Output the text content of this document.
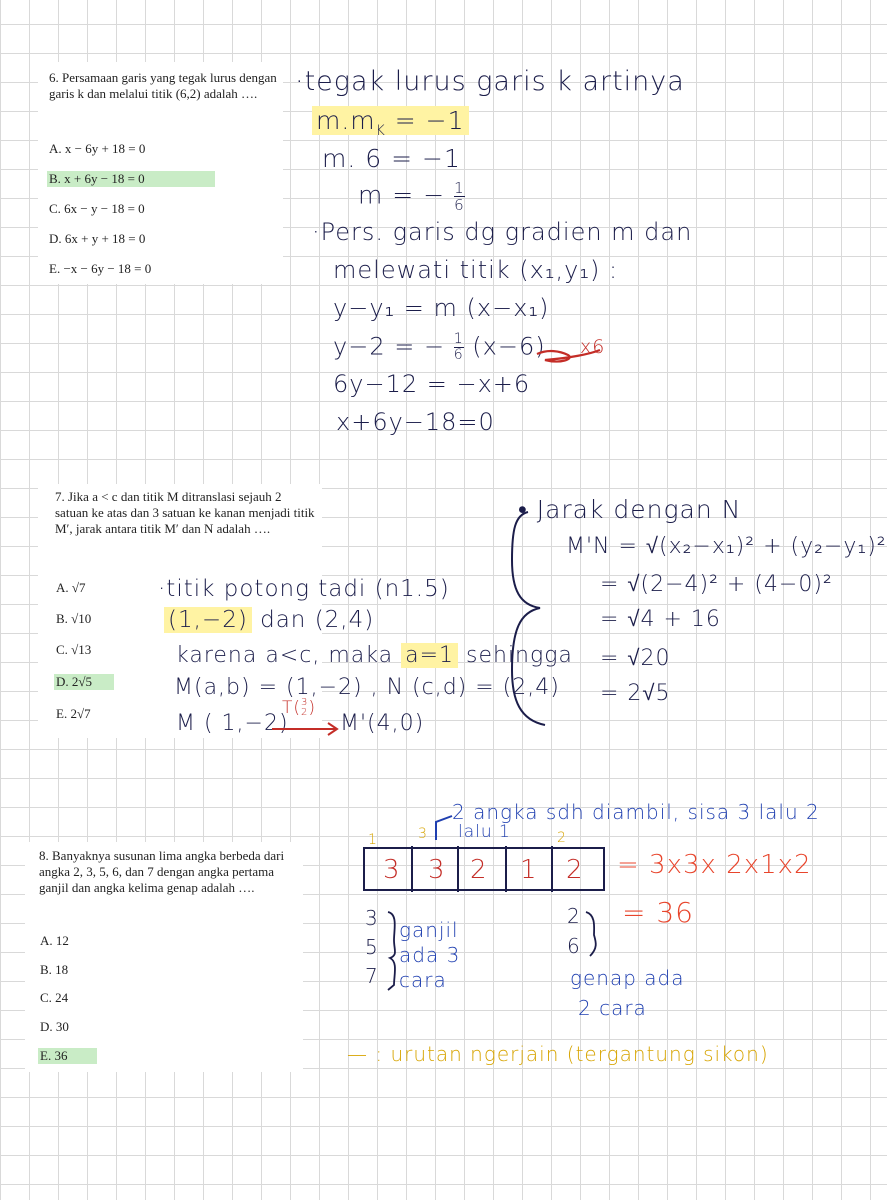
6. Persamaan garis yang tegak lurus dengan garis k dan melalui titik (6,2) adalah ….

A. x − 6y + 18 = 0
B. x + 6y − 18 = 0
C. 6x − y − 18 = 0
D. 6x + y + 18 = 0
E. −x − 6y − 18 = 0
·tegak lurus garis k artinya
$m.m_K = -1$
m. 6 = −1
m = − $\frac{1}{6}$
·Pers. garis dg gradien m dan
melewati titik (x₁,y₁) :
y−y₁ = m (x−x₁)
y−2 = − $\frac{1}{6} (x-6)$ x6
6y−12 = −x+6
x+6y−18=0

7. Jika a < c dan titik M ditranslasi sejauh 2 satuan ke atas dan 3 satuan ke kanan menjadi titik M′, jarak antara titik M′ dan N adalah ….

A. √7
B. √10
C. √13
D. 2√5
E. 2√7
·titik potong tadi (n1.5)
(1,−2) dan (2,4)
karena a<c, maka a=1 sehingga
M(a,b) = (1,−2) , N (c,d) = (2,4)
M ( 1,−2)
T( 3
2 )
M'(4,0)
• Jarak dengan N
M'N = √(x₂−x₁)² + (y₂−y₁)²
= √(2−4)² + (4−0)²
= √4 + 16
= √20
= 2√5

8. Banyaknya susunan lima angka berbeda dari angka 2, 3, 5, 6, dan 7 dengan angka pertama ganjil dan angka kelima genap adalah ….

A. 12
B. 18
C. 24
D. 30
E. 36
2 angka sdh diambil, sisa 3 lalu 2
lalu 1
1	3	2
3 3 2 1 2 = 3x3x 2x1x2
= 36
3
5
7
ganjil
ada 3
cara
2
6
genap ada
2 cara
— : urutan ngerjain (tergantung sikon)
